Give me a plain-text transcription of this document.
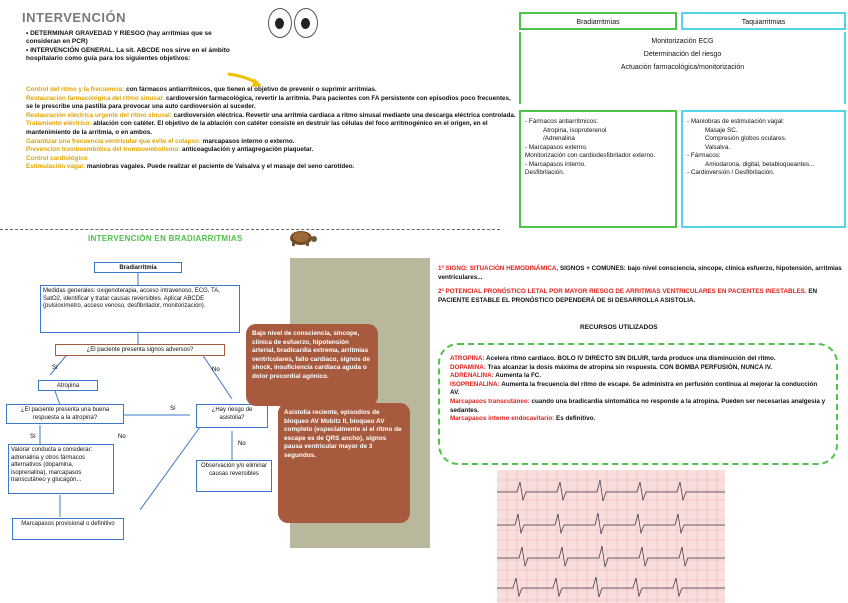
INTERVENCIÓN
• DETERMINAR GRAVEDAD Y RIESGO (hay arritmias que se consideran en PCR)
• INTERVENCIÓN GENERAL. La sit. ABCDE nos sirve en el ámbito hospitalario como guía para los siguientes objetivos:
Control del ritmo y la frecuencia: con fármacos antiarrítmicos, que tienen el objetivo de prevenir o suprimir arritmias.
Restauración farmacológica del ritmo sinusal: cardioversión farmacológica, revertir la arritmia. Para pacientes con FA persistente con episodios poco frecuentes, se le prescribe una pastilla para provocar una auto cardioversión al suceder.
Restauración eléctrica urgente del ritmo sinusal: cardioversión eléctrica. Revertir una arritmia cardiaca a ritmo sinusal mediante una descarga eléctrica controlada.
Tratamiento eléctrico: ablación con catéter. El objetivo de la ablación con catéter consiste en destruir las células del foco arritmogénico en el origen, en el mantenimiento de la arritmia, o en ambos.
Garantizar una frecuencia ventricular que evite el colapso: marcapasos interno o externo.
Prevención tromboembólica del tromboembolismo: anticoagulación y antiagregación plaquetar.
Control cardiológico
Estimulación vagal: maniobras vagales. Puede realizar el paciente de Valsalva y el masaje del seno carotídeo.
Bradiarritmias	Taquiarritmias
Monitorización ECG
Determinación del riesgo
Actuación farmacológica/monitorización
- Fármacos antiarrítmicos:
Atropina, isoproterenol
/Adrenalina
- Marcapasos externo.
Monitorización con cardiodesfibrilador externo.
- Marcapasos interno.
Desfibrilación.
- Maniobras de estimulación vagal:
Masaje SC.
Compresión globos oculares.
Valsalva.
- Fármacos:
Amiodarona, digital, betabloqueantes...
- Cardioversión / Desfibrilación.
INTERVENCIÓN EN BRADIARRITMIAS
Sí	No
Sí
No
Sí
No
Bradiarritmia
Medidas generales: oxigenoterapia, acceso intravenoso, ECG, TA, SatO2, identificar y tratar causas reversibles. Aplicar ABCDE (pulsioxímetro, acceso venoso, desfibrilador, monitorización).
¿El paciente presenta signos adversos?
Atropina
¿El paciente presenta una buena respuesta a la atropina?
¿Hay riesgo de asistolia?
Valorar conducta a considerar: adrenalina y otros fármacos alternativos (dopamina, isoprenalina), marcapasos transcutáneo y glucagón...
Observación y/o eliminar causas reversibles
Marcapasos provisional o definitivo
Bajo nivel de consciencia, síncope, clínica de esfuerzo, hipotensión arterial, bradicardia extrema, arritmias ventriculares, fallo cardiaco, signos de shock, insuficiencia cardiaca aguda o dolor precordial agónico.
Asistolia reciente, episodios de bloqueo AV Mobitz II, bloqueo AV completo (especialmente si el ritmo de escape es de QRS ancho), signos pausa ventricular mayor de 3 segundos.
1º SIGNO: SITUACIÓN HEMODINÁMICA, SIGNOS + COMUNES: bajo nivel consciencia, síncope, clínica esfuerzo, hipotensión, arritmias ventriculares...
2º POTENCIAL PRONÓSTICO LETAL POR MAYOR RIESGO DE ARRITMIAS VENTRICULARES EN PACIENTES INESTABLES. EN PACIENTE ESTABLE EL PRONÓSTICO DEPENDERÁ DE SI DESARROLLA ASISTOLIA.
RECURSOS UTILIZADOS
ATROPINA: Acelera ritmo cardiaco. BOLO IV DIRECTO SIN DILUIR, tarda produce una disminución del ritmo.
DOPAMINA: Tras alcanzar la dosis máxima de atropina sin respuesta. CON BOMBA PERFUSIÓN, NUNCA IV.
ADRENALINA: Aumenta la FC.
ISOPRENALINA: Aumenta la frecuencia del ritmo de escape. Se administra en perfusión continua al mejorar la conducción AV.
Marcapasos transcutáneo: cuando una bradicardia sintomática no responde a la atropina. Pueden ser necesarias analgesia y sedantes.
Marcapasos interno endocavitario: Es definitivo.
